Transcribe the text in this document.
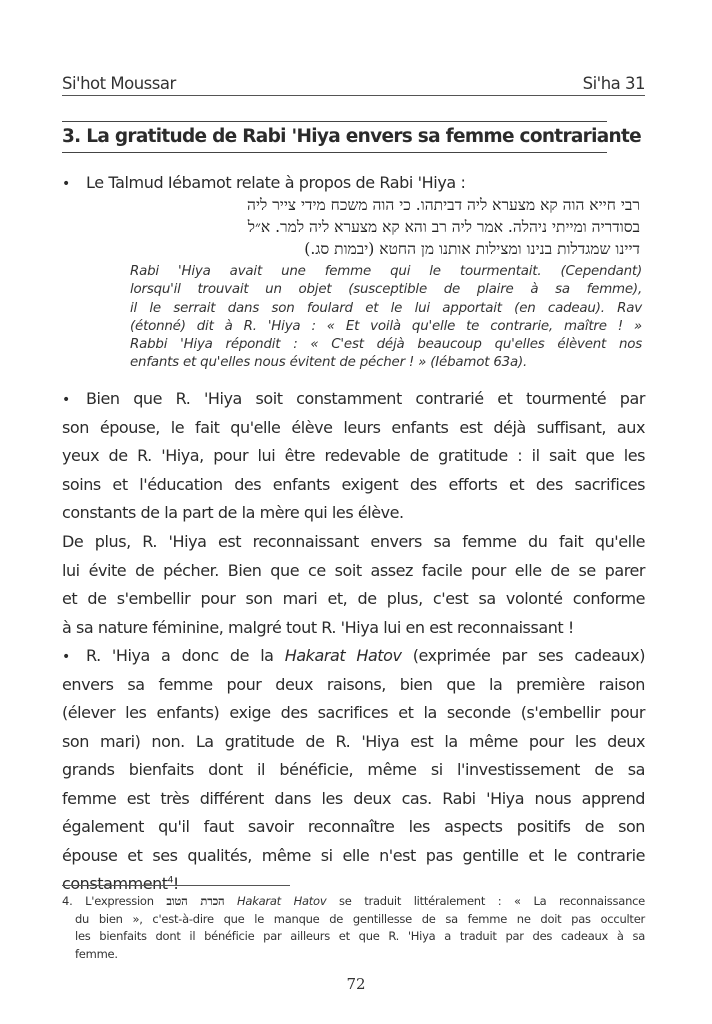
Si'hot Moussar	Si'ha 31
3. La gratitude de Rabi 'Hiya envers sa femme contrariante
• Le Talmud Iébamot relate à propos de Rabi 'Hiya :
רבי חייא הוה קא מצערא ליה דביתהו. כי הוה משכח מידי צייר ליה
בסודריה ומייתי ניהלה. אמר ליה רב והא קא מצערא ליה למר. א״ל
דיינו שמגדלות בנינו ומצילות אותנו מן החטא (יבמות סג.)
Rabi 'Hiya avait une femme qui le tourmentait. (Cependant)
lorsqu'il trouvait un objet (susceptible de plaire à sa femme),
il le serrait dans son foulard et le lui apportait (en cadeau). Rav
(étonné) dit à R. 'Hiya : « Et voilà qu'elle te contrarie, maître ! »
Rabbi 'Hiya répondit : « C'est déjà beaucoup qu'elles élèvent nos
enfants et qu'elles nous évitent de pécher ! » (Iébamot 63a).
• Bien que R. 'Hiya soit constamment contrarié et tourmenté par
son épouse, le fait qu'elle élève leurs enfants est déjà suffisant, aux
yeux de R. 'Hiya, pour lui être redevable de gratitude : il sait que les
soins et l'éducation des enfants exigent des efforts et des sacrifices
constants de la part de la mère qui les élève.
De plus, R. 'Hiya est reconnaissant envers sa femme du fait qu'elle
lui évite de pécher. Bien que ce soit assez facile pour elle de se parer
et de s'embellir pour son mari et, de plus, c'est sa volonté conforme
à sa nature féminine, malgré tout R. 'Hiya lui en est reconnaissant !
• R. 'Hiya a donc de la Hakarat Hatov (exprimée par ses cadeaux)
envers sa femme pour deux raisons, bien que la première raison
(élever les enfants) exige des sacrifices et la seconde (s'embellir pour
son mari) non. La gratitude de R. 'Hiya est la même pour les deux
grands bienfaits dont il bénéficie, même si l'investissement de sa
femme est très différent dans les deux cas. Rabi 'Hiya nous apprend
également qu'il faut savoir reconnaître les aspects positifs de son
épouse et ses qualités, même si elle n'est pas gentille et le contrarie
constamment$^4$!
4. L'expression הכרת הטוב Hakarat Hatov se traduit littéralement : « La reconnaissance
du bien », c'est-à-dire que le manque de gentillesse de sa femme ne doit pas occulter
les bienfaits dont il bénéficie par ailleurs et que R. 'Hiya a traduit par des cadeaux à sa
femme.
72
